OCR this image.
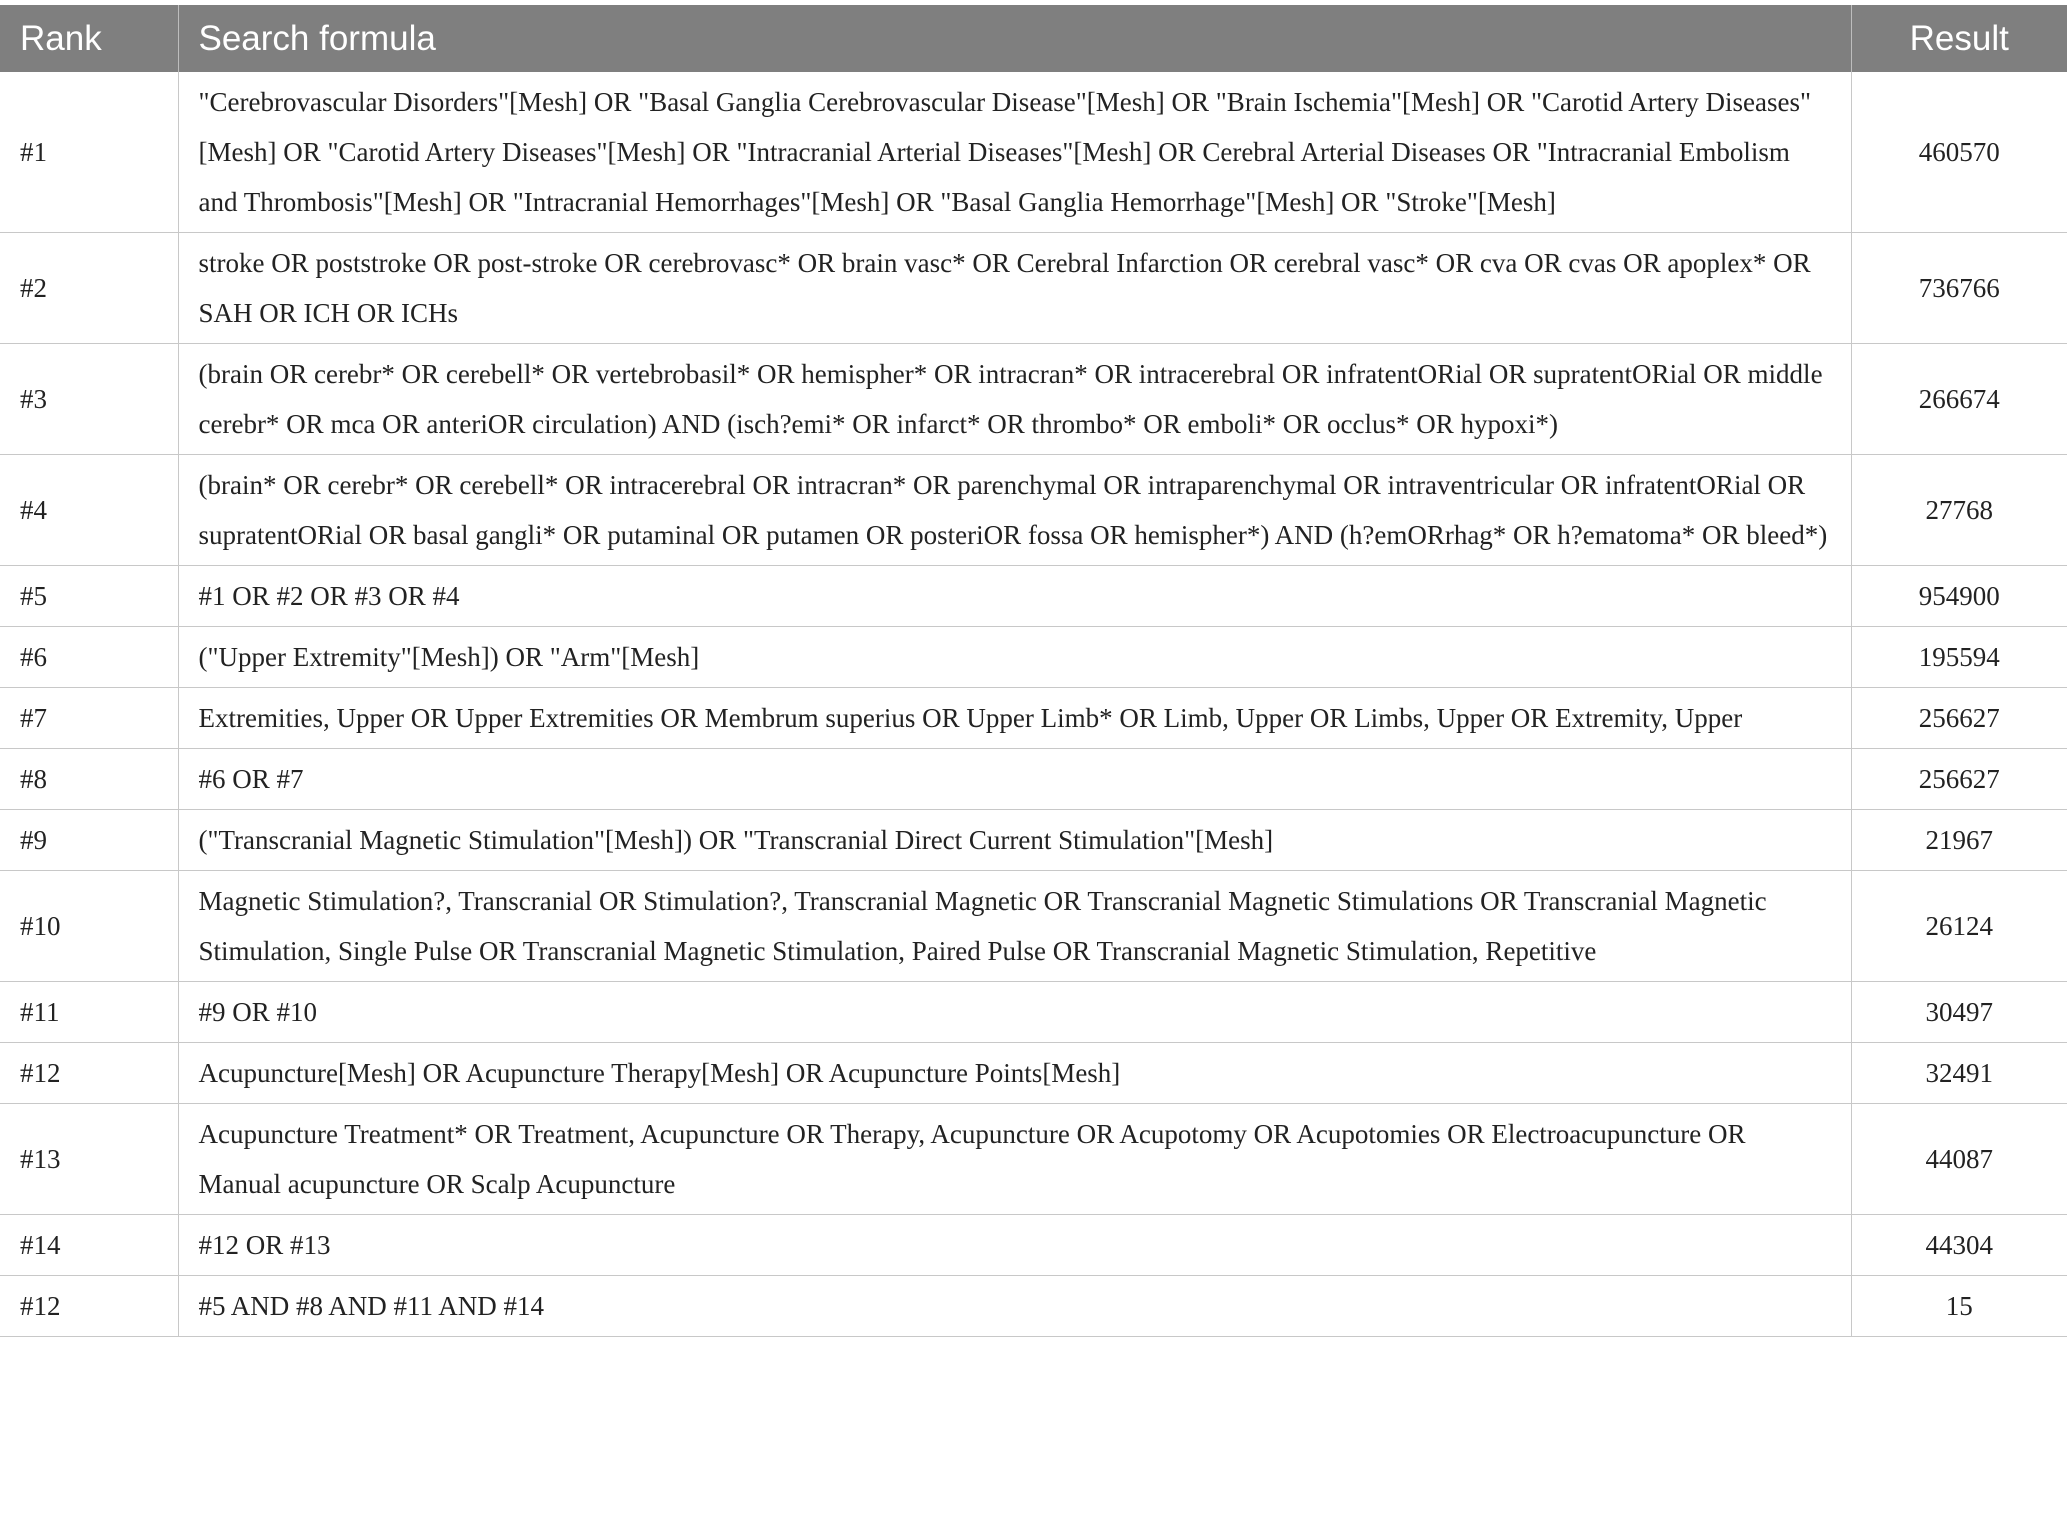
Rank	Search formula	Result
#1	"Cerebrovascular Disorders"[Mesh] OR "Basal Ganglia Cerebrovascular Disease"[Mesh] OR "Brain Ischemia"[Mesh] OR "Carotid Artery Diseases"[Mesh] OR "Carotid Artery Diseases"[Mesh] OR "Intracranial Arterial Diseases"[Mesh] OR Cerebral Arterial Diseases OR "Intracranial Embolism and Thrombosis"[Mesh] OR "Intracranial Hemorrhages"[Mesh] OR "Basal Ganglia Hemorrhage"[Mesh] OR "Stroke"[Mesh]	460570
#2	stroke OR poststroke OR post-stroke OR cerebrovasc* OR brain vasc* OR Cerebral Infarction OR cerebral vasc* OR cva OR cvas OR apoplex* OR SAH OR ICH OR ICHs	736766
#3	(brain OR cerebr* OR cerebell* OR vertebrobasil* OR hemispher* OR intracran* OR intracerebral OR infratentORial OR supratentORial OR middle cerebr* OR mca OR anteriOR circulation) AND (isch?emi* OR infarct* OR thrombo* OR emboli* OR occlus* OR hypoxi*)	266674
#4	(brain* OR cerebr* OR cerebell* OR intracerebral OR intracran* OR parenchymal OR intraparenchymal OR intraventricular OR infratentORial OR supratentORial OR basal gangli* OR putaminal OR putamen OR posteriOR fossa OR hemispher*) AND (h?emORrhag* OR h?ematoma* OR bleed*)	27768
#5	#1 OR #2 OR #3 OR #4	954900
#6	("Upper Extremity"[Mesh]) OR "Arm"[Mesh]	195594
#7	Extremities, Upper OR Upper Extremities OR Membrum superius OR Upper Limb* OR Limb, Upper OR Limbs, Upper OR Extremity, Upper	256627
#8	#6 OR #7	256627
#9	("Transcranial Magnetic Stimulation"[Mesh]) OR "Transcranial Direct Current Stimulation"[Mesh]	21967
#10	Magnetic Stimulation?, Transcranial OR Stimulation?, Transcranial Magnetic OR Transcranial Magnetic Stimulations OR Transcranial Magnetic Stimulation, Single Pulse OR Transcranial Magnetic Stimulation, Paired Pulse OR Transcranial Magnetic Stimulation, Repetitive	26124
#11	#9 OR #10	30497
#12	Acupuncture[Mesh] OR Acupuncture Therapy[Mesh] OR Acupuncture Points[Mesh]	32491
#13	Acupuncture Treatment* OR Treatment, Acupuncture OR Therapy, Acupuncture OR Acupotomy OR Acupotomies OR Electroacupuncture OR Manual acupuncture OR Scalp Acupuncture	44087
#14	#12 OR #13	44304
#12	#5 AND #8 AND #11 AND #14	15
